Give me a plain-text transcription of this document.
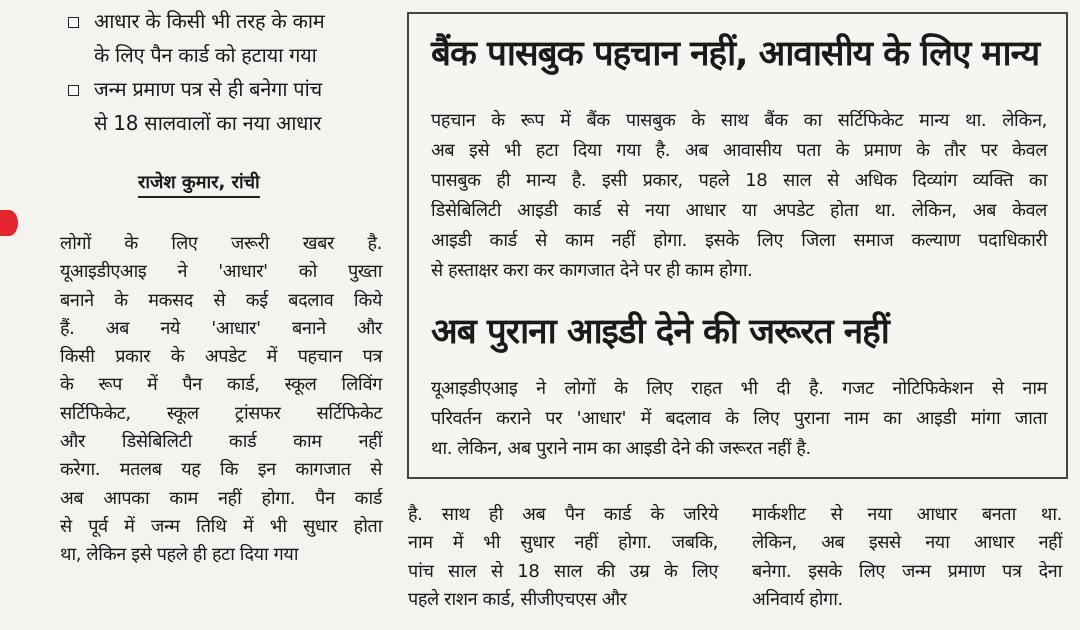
आधार के किसी भी तरह के काम
के लिए पैन कार्ड को हटाया गया
जन्म प्रमाण पत्र से ही बनेगा पांच
से 18 सालवालों का नया आधार
राजेश कुमार, रांची
लोगों के लिए जरूरी खबर है.
यूआइडीएआइ ने 'आधार' को पुख्ता
बनाने के मकसद से कई बदलाव किये
हैं. अब नये 'आधार' बनाने और
किसी प्रकार के अपडेट में पहचान पत्र
के रूप में पैन कार्ड, स्कूल लिविंग
सर्टिफिकेट, स्कूल ट्रांसफर सर्टिफिकेट
और डिसेबिलिटी कार्ड काम नहीं
करेगा. मतलब यह कि इन कागजात से
अब आपका काम नहीं होगा. पैन कार्ड
से पूर्व में जन्म तिथि में भी सुधार होता
था, लेकिन इसे पहले ही हटा दिया गया
बैंक पासबुक पहचान नहीं, आवासीय के लिए मान्य
पहचान के रूप में बैंक पासबुक के साथ बैंक का सर्टिफिकेट मान्य था. लेकिन,
अब इसे भी हटा दिया गया है. अब आवासीय पता के प्रमाण के तौर पर केवल
पासबुक ही मान्य है. इसी प्रकार, पहले 18 साल से अधिक दिव्यांग व्यक्ति का
डिसेबिलिटी आइडी कार्ड से नया आधार या अपडेट होता था. लेकिन, अब केवल
आइडी कार्ड से काम नहीं होगा. इसके लिए जिला समाज कल्याण पदाधिकारी
से हस्ताक्षर करा कर कागजात देने पर ही काम होगा.
अब पुराना आइडी देने की जरूरत नहीं
यूआइडीएआइ ने लोगों के लिए राहत भी दी है. गजट नोटिफिकेशन से नाम
परिवर्तन कराने पर 'आधार' में बदलाव के लिए पुराना नाम का आइडी मांगा जाता
था. लेकिन, अब पुराने नाम का आइडी देने की जरूरत नहीं है.
है. साथ ही अब पैन कार्ड के जरिये
नाम में भी सुधार नहीं होगा. जबकि,
पांच साल से 18 साल की उम्र के लिए
पहले राशन कार्ड, सीजीएचएस और
मार्कशीट से नया आधार बनता था.
लेकिन, अब इससे नया आधार नहीं
बनेगा. इसके लिए जन्म प्रमाण पत्र देना
अनिवार्य होगा.
